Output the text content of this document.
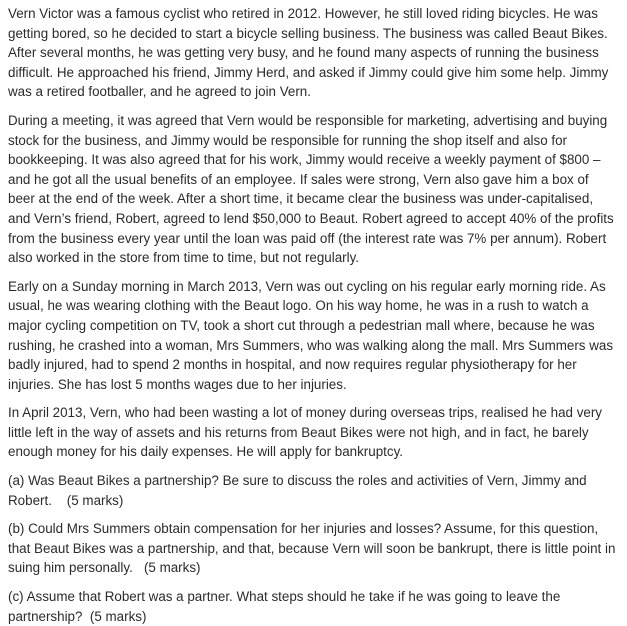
Vern Victor was a famous cyclist who retired in 2012. However, he still loved riding bicycles. He was getting bored, so he decided to start a bicycle selling business. The business was called Beaut Bikes. After several months, he was getting very busy, and he found many aspects of running the business difficult. He approached his friend, Jimmy Herd, and asked if Jimmy could give him some help. Jimmy was a retired footballer, and he agreed to join Vern.

During a meeting, it was agreed that Vern would be responsible for marketing, advertising and buying stock for the business, and Jimmy would be responsible for running the shop itself and also for bookkeeping. It was also agreed that for his work, Jimmy would receive a weekly payment of $800 – and he got all the usual benefits of an employee. If sales were strong, Vern also gave him a box of beer at the end of the week. After a short time, it became clear the business was under-capitalised, and Vern’s friend, Robert, agreed to lend $50,000 to Beaut. Robert agreed to accept 40% of the profits from the business every year until the loan was paid off (the interest rate was 7% per annum). Robert also worked in the store from time to time, but not regularly.

Early on a Sunday morning in March 2013, Vern was out cycling on his regular early morning ride. As usual, he was wearing clothing with the Beaut logo. On his way home, he was in a rush to watch a major cycling competition on TV, took a short cut through a pedestrian mall where, because he was rushing, he crashed into a woman, Mrs Summers, who was walking along the mall. Mrs Summers was badly injured, had to spend 2 months in hospital, and now requires regular physiotherapy for her injuries. She has lost 5 months wages due to her injuries.

In April 2013, Vern, who had been wasting a lot of money during overseas trips, realised he had very little left in the way of assets and his returns from Beaut Bikes were not high, and in fact, he barely enough money for his daily expenses. He will apply for bankruptcy.

(a) Was Beaut Bikes a partnership? Be sure to discuss the roles and activities of Vern, Jimmy and Robert.    (5 marks)

(b) Could Mrs Summers obtain compensation for her injuries and losses? Assume, for this question, that Beaut Bikes was a partnership, and that, because Vern will soon be bankrupt, there is little point in suing him personally.   (5 marks)

(c) Assume that Robert was a partner. What steps should he take if he was going to leave the partnership?  (5 marks)
